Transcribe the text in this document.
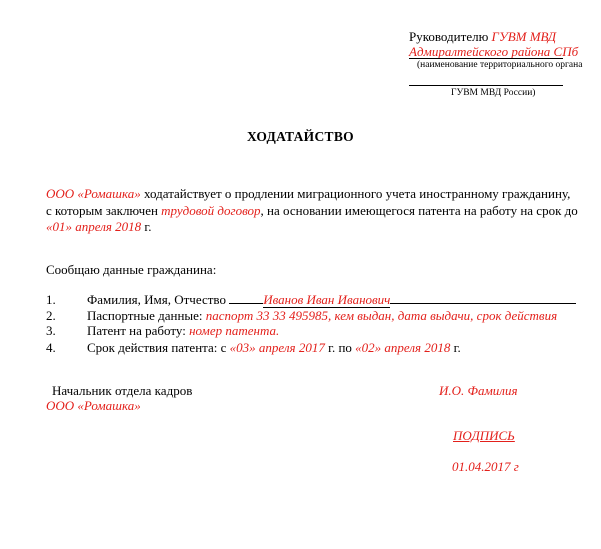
Руководителю ГУВМ МВД
Адмиралтейского района СПб
(наименование территориального органа
ГУВМ МВД России)
ХОДАТАЙСТВО
ООО «Ромашка» ходатайствует о продлении миграционного учета иностранному гражданину,
с которым заключен трудовой договор, на основании имеющегося патента на работу на срок до
«01» апреля 2018 г.
Сообщаю данные гражданина:
1. Фамилия, Имя, Отчество	Иванов Иван Иванович
2. Паспортные данные: паспорт 33 33 495985, кем выдан, дата выдачи, срок действия
3. Патент на работу: номер патента.
4. Срок действия патента: с «03» апреля 2017 г. по «02» апреля 2018 г.
Начальник отдела кадров
ООО «Ромашка»
И.О. Фамилия
ПОДПИСЬ
01.04.2017 г
